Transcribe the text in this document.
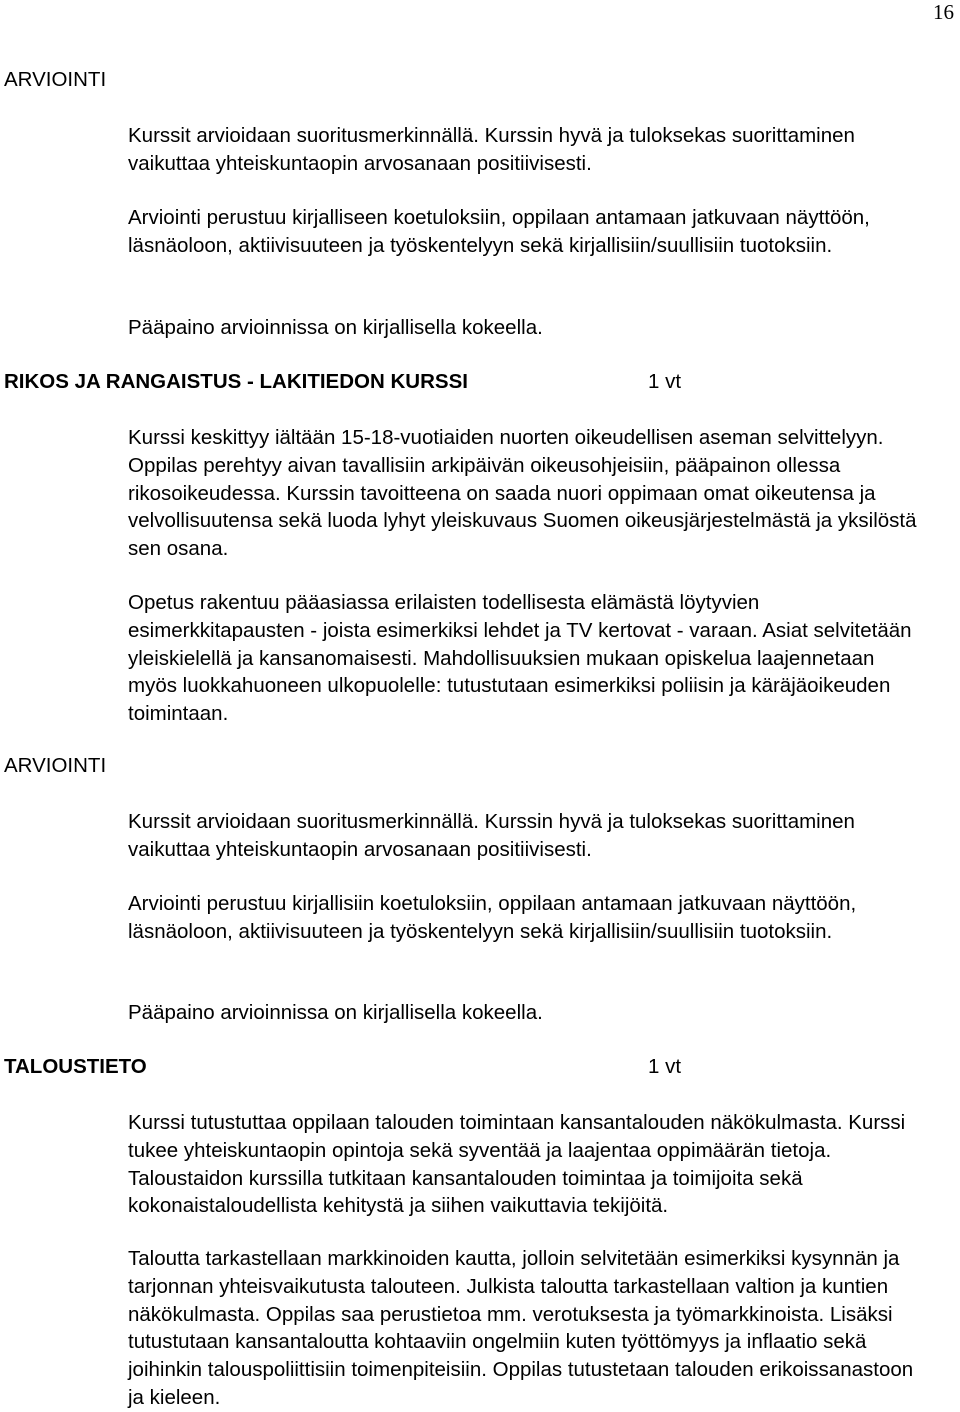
16
ARVIOINTI

Kurssit arvioidaan suoritusmerkinnällä. Kurssin hyvä ja tuloksekas suorittaminen vaikuttaa yhteiskuntaopin arvosanaan positiivisesti.

Arviointi perustuu kirjalliseen koetuloksiin, oppilaan antamaan jatkuvaan näyttöön, läsnäoloon, aktiivisuuteen ja työskentelyyn sekä kirjallisiin/suullisiin tuotoksiin.

Pääpaino arvioinnissa on kirjallisella kokeella.

RIKOS JA RANGAISTUS - LAKITIEDON KURSSI	1 vt

Kurssi keskittyy iältään 15-18-vuotiaiden nuorten oikeudellisen aseman selvittelyyn. Oppilas perehtyy aivan tavallisiin arkipäivän oikeusohjeisiin, pääpainon ollessa rikosoikeudessa. Kurssin tavoitteena on saada nuori oppimaan omat oikeutensa ja velvollisuutensa sekä luoda lyhyt yleiskuvaus Suomen oikeusjärjestelmästä ja yksilöstä sen osana.

Opetus rakentuu pääasiassa erilaisten todellisesta elämästä löytyvien esimerkkitapausten - joista esimerkiksi lehdet ja TV kertovat - varaan. Asiat selvitetään yleiskielellä ja kansanomaisesti. Mahdollisuuksien mukaan opiskelua laajennetaan myös luokkahuoneen ulkopuolelle: tutustutaan esimerkiksi poliisin ja käräjäoikeuden toimintaan.

ARVIOINTI

Kurssit arvioidaan suoritusmerkinnällä. Kurssin hyvä ja tuloksekas suorittaminen vaikuttaa yhteiskuntaopin arvosanaan positiivisesti.

Arviointi perustuu kirjallisiin koetuloksiin, oppilaan antamaan jatkuvaan näyttöön, läsnäoloon, aktiivisuuteen ja työskentelyyn sekä kirjallisiin/suullisiin tuotoksiin.

Pääpaino arvioinnissa on kirjallisella kokeella.

TALOUSTIETO	1 vt

Kurssi tutustuttaa oppilaan talouden toimintaan kansantalouden näkökulmasta. Kurssi tukee yhteiskuntaopin opintoja sekä syventää ja laajentaa oppimäärän tietoja. Taloustaidon kurssilla tutkitaan kansantalouden toimintaa ja toimijoita sekä kokonaistaloudellista kehitystä ja siihen vaikuttavia tekijöitä.

Taloutta tarkastellaan markkinoiden kautta, jolloin selvitetään esimerkiksi kysynnän ja tarjonnan yhteisvaikutusta talouteen. Julkista taloutta tarkastellaan valtion ja kuntien näkökulmasta. Oppilas saa perustietoa mm. verotuksesta ja työmarkkinoista. Lisäksi tutustutaan kansantaloutta kohtaaviin ongelmiin kuten työttömyys ja inflaatio sekä joihinkin talouspoliittisiin toimenpiteisiin. Oppilas tutustetaan talouden erikoissanastoon ja kieleen.
